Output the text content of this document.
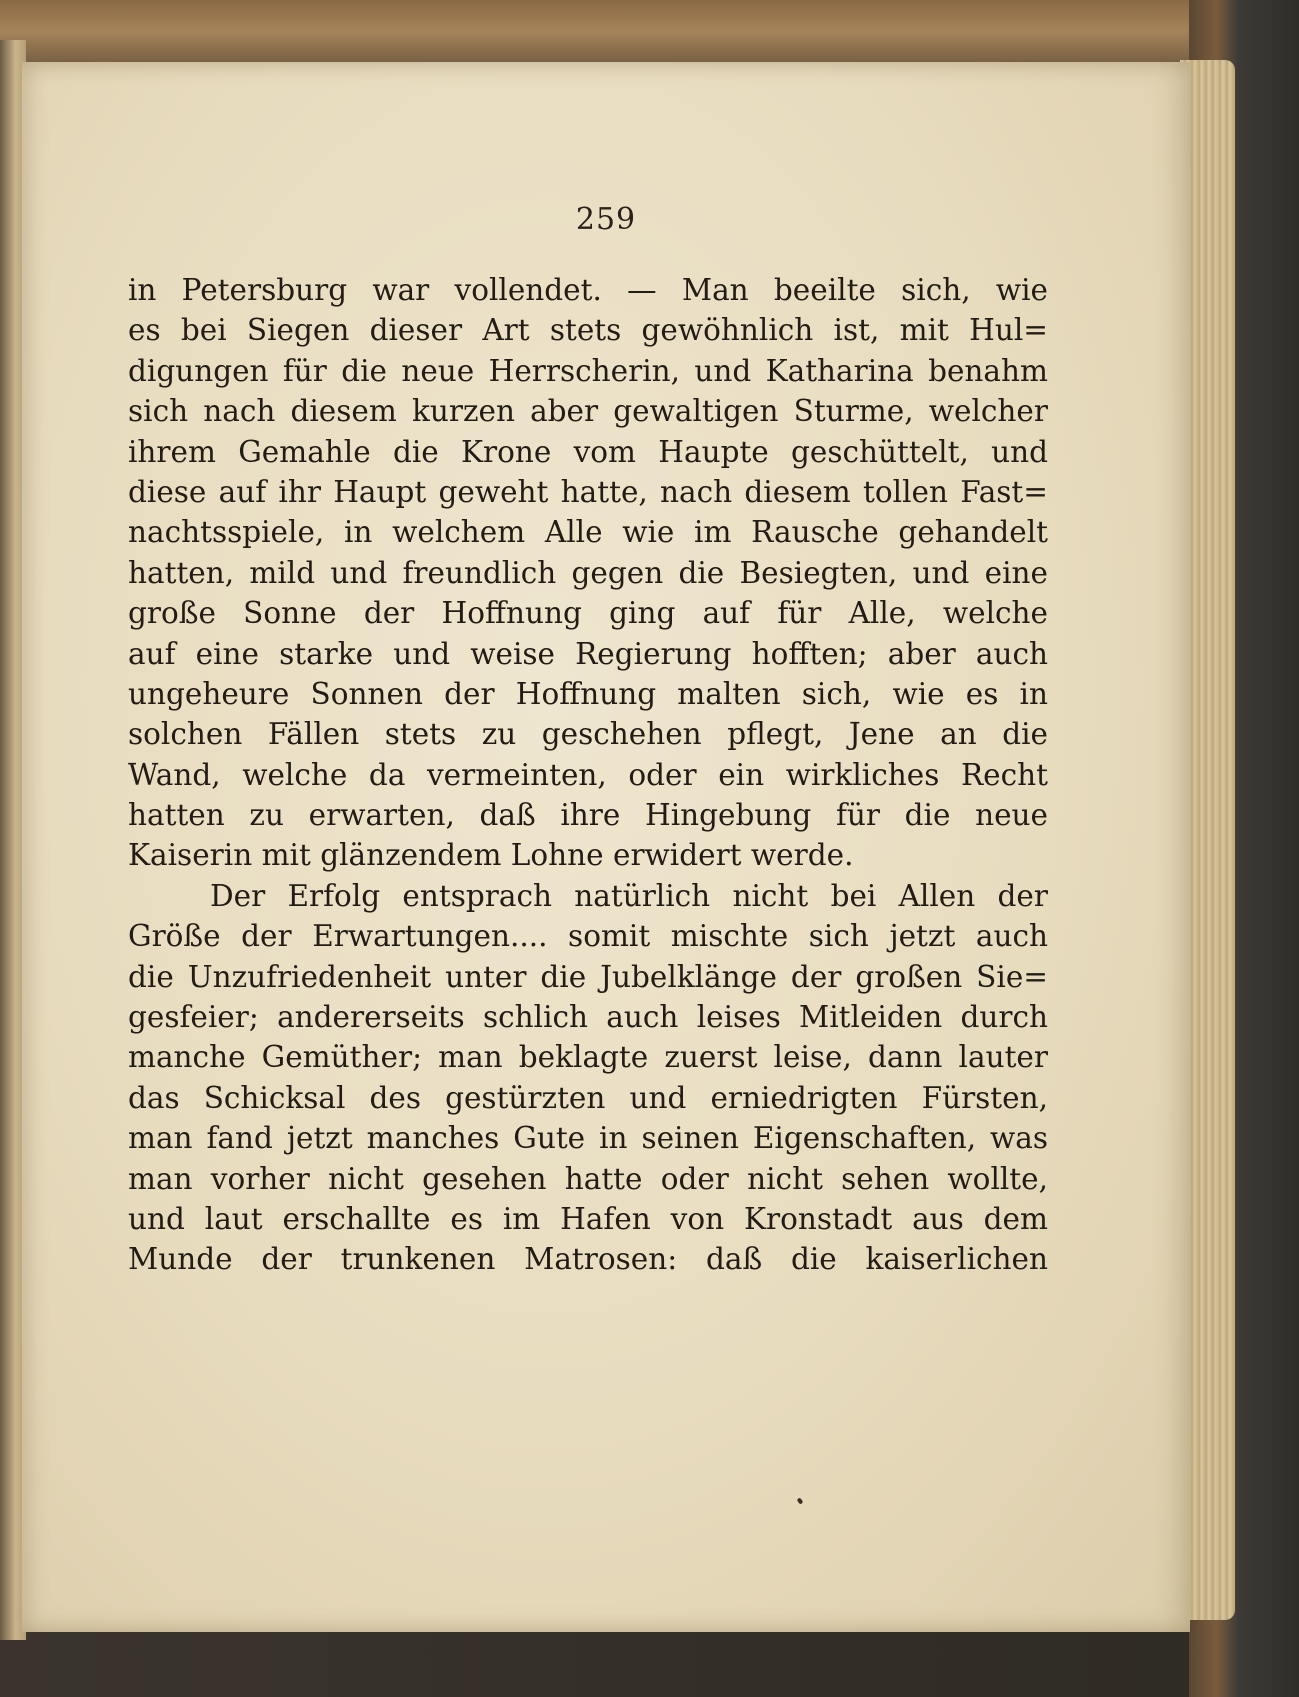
259
in Petersburg war vollendet. — Man beeilte sich, wie
es bei Siegen dieser Art stets gewöhnlich ist, mit Hul=
digungen für die neue Herrscherin, und Katharina benahm
sich nach diesem kurzen aber gewaltigen Sturme, welcher
ihrem Gemahle die Krone vom Haupte geschüttelt, und
diese auf ihr Haupt geweht hatte, nach diesem tollen Fast=
nachtsspiele, in welchem Alle wie im Rausche gehandelt
hatten, mild und freundlich gegen die Besiegten, und eine
große Sonne der Hoffnung ging auf für Alle, welche
auf eine starke und weise Regierung hofften; aber auch
ungeheure Sonnen der Hoffnung malten sich, wie es in
solchen Fällen stets zu geschehen pflegt, Jene an die
Wand, welche da vermeinten, oder ein wirkliches Recht
hatten zu erwarten, daß ihre Hingebung für die neue
Kaiserin mit glänzendem Lohne erwidert werde.
Der Erfolg entsprach natürlich nicht bei Allen der
Größe der Erwartungen.... somit mischte sich jetzt auch
die Unzufriedenheit unter die Jubelklänge der großen Sie=
gesfeier; andererseits schlich auch leises Mitleiden durch
manche Gemüther; man beklagte zuerst leise, dann lauter
das Schicksal des gestürzten und erniedrigten Fürsten,
man fand jetzt manches Gute in seinen Eigenschaften, was
man vorher nicht gesehen hatte oder nicht sehen wollte,
und laut erschallte es im Hafen von Kronstadt aus dem
Munde der trunkenen Matrosen: daß die kaiserlichen
